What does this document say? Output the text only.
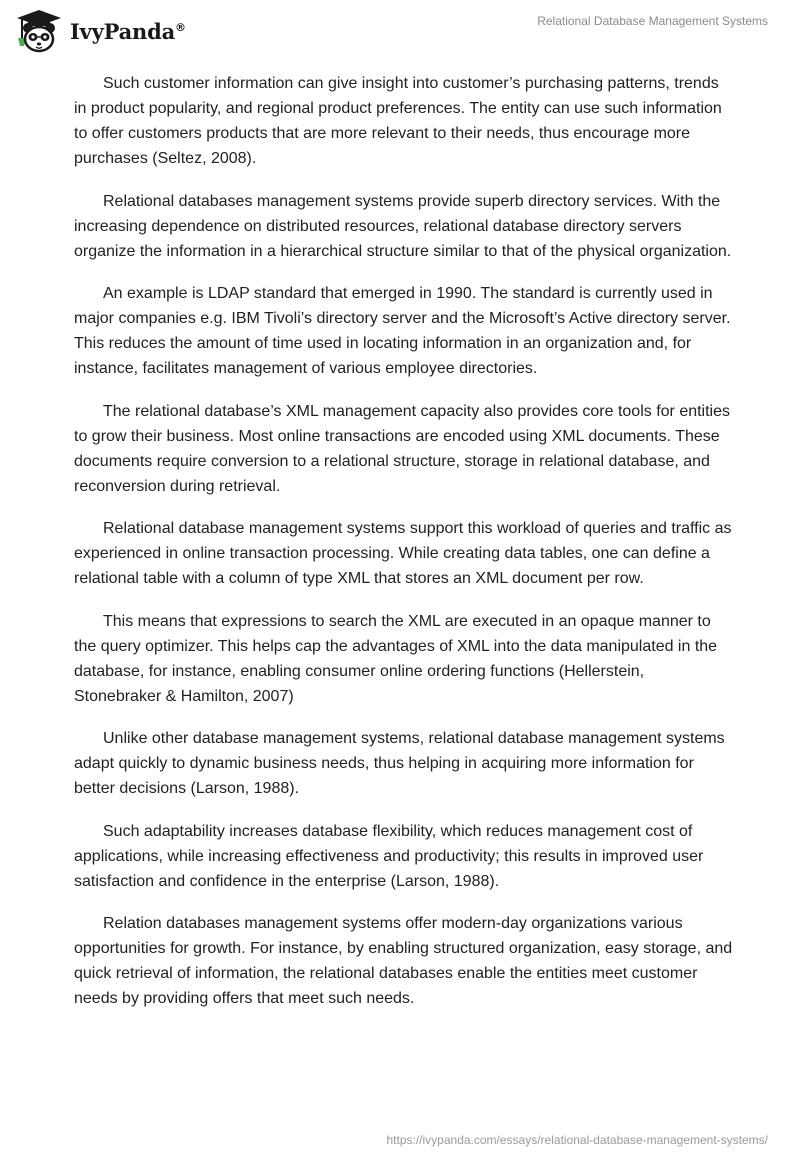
IvyPanda®	Relational Database Management Systems

Such customer information can give insight into customer’s purchasing patterns, trends in product popularity, and regional product preferences. The entity can use such information to offer customers products that are more relevant to their needs, thus encourage more purchases (Seltez, 2008).

Relational databases management systems provide superb directory services. With the increasing dependence on distributed resources, relational database directory servers organize the information in a hierarchical structure similar to that of the physical organization.

An example is LDAP standard that emerged in 1990. The standard is currently used in major companies e.g. IBM Tivoli’s directory server and the Microsoft’s Active directory server. This reduces the amount of time used in locating information in an organization and, for instance, facilitates management of various employee directories.

The relational database’s XML management capacity also provides core tools for entities to grow their business. Most online transactions are encoded using XML documents. These documents require conversion to a relational structure, storage in relational database, and reconversion during retrieval.

Relational database management systems support this workload of queries and traffic as experienced in online transaction processing. While creating data tables, one can define a relational table with a column of type XML that stores an XML document per row.

This means that expressions to search the XML are executed in an opaque manner to the query optimizer. This helps cap the advantages of XML into the data manipulated in the database, for instance, enabling consumer online ordering functions (Hellerstein, Stonebraker & Hamilton, 2007)

Unlike other database management systems, relational database management systems adapt quickly to dynamic business needs, thus helping in acquiring more information for better decisions (Larson, 1988).

Such adaptability increases database flexibility, which reduces management cost of applications, while increasing effectiveness and productivity; this results in improved user satisfaction and confidence in the enterprise (Larson, 1988).

Relation databases management systems offer modern-day organizations various opportunities for growth. For instance, by enabling structured organization, easy storage, and quick retrieval of information, the relational databases enable the entities meet customer needs by providing offers that meet such needs.

https://ivypanda.com/essays/relational-database-management-systems/
